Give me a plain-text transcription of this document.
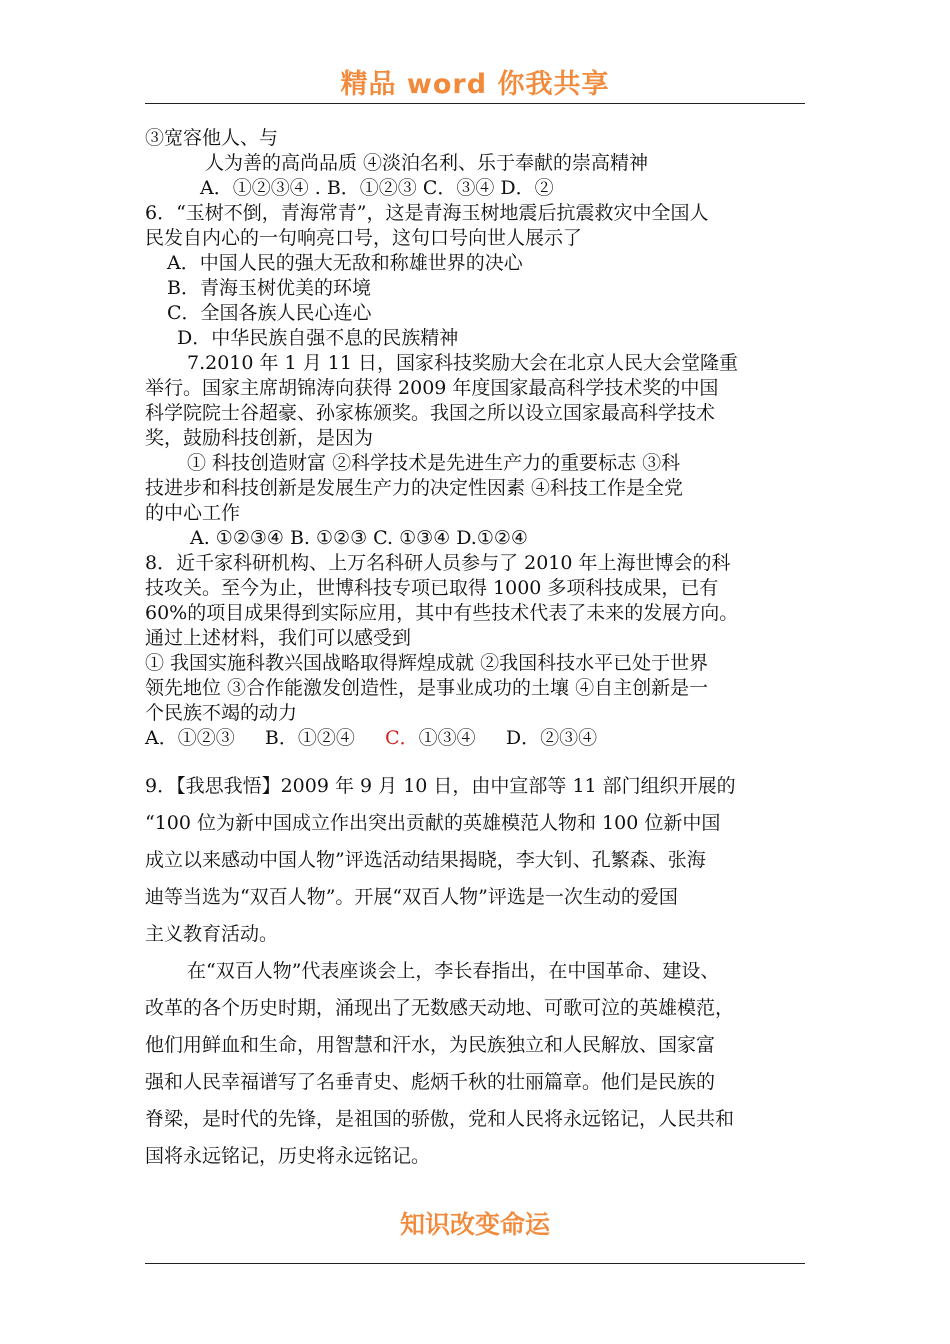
精品 word 你我共享
③宽容他人、与
人为善的高尚品质 ④淡泊名利、乐于奉献的崇高精神
A．①②③④ . B．①②③ C．③④ D．②
6．“玉树不倒，青海常青”，这是青海玉树地震后抗震救灾中全国人
民发自内心的一句响亮口号，这句口号向世人展示了
A．中国人民的强大无敌和称雄世界的决心
B．青海玉树优美的环境
C．全国各族人民心连心
D．中华民族自强不息的民族精神
7.2010 年 1 月 11 日，国家科技奖励大会在北京人民大会堂隆重
举行。国家主席胡锦涛向获得 2009 年度国家最高科学技术奖的中国
科学院院士谷超豪、孙家栋颁奖。我国之所以设立国家最高科学技术
奖，鼓励科技创新，是因为
① 科技创造财富 ②科学技术是先进生产力的重要标志 ③科
技进步和科技创新是发展生产力的决定性因素 ④科技工作是全党
的中心工作
A. ①②③④ B. ①②③ C. ①③④ D.①②④
8．近千家科研机构、上万名科研人员参与了 2010 年上海世博会的科
技攻关。至今为止，世博科技专项已取得 1000 多项科技成果，已有
60%的项目成果得到实际应用，其中有些技术代表了未来的发展方向。
通过上述材料，我们可以感受到
① 我国实施科教兴国战略取得辉煌成就 ②我国科技水平已处于世界
领先地位 ③合作能激发创造性，是事业成功的土壤 ④自主创新是一
个民族不竭的动力
A．①②③     B．①②④     C．①③④     D．②③④
9．【我思我悟】2009 年 9 月 10 日，由中宣部等 11 部门组织开展的
“100 位为新中国成立作出突出贡献的英雄模范人物和 100 位新中国
成立以来感动中国人物”评选活动结果揭晓，李大钊、孔繁森、张海
迪等当选为“双百人物”。开展“双百人物”评选是一次生动的爱国
主义教育活动。
在“双百人物”代表座谈会上，李长春指出，在中国革命、建设、
改革的各个历史时期，涌现出了无数感天动地、可歌可泣的英雄模范，
他们用鲜血和生命，用智慧和汗水，为民族独立和人民解放、国家富
强和人民幸福谱写了名垂青史、彪炳千秋的壮丽篇章。他们是民族的
脊梁，是时代的先锋，是祖国的骄傲，党和人民将永远铭记，人民共和
国将永远铭记，历史将永远铭记。
知识改变命运
